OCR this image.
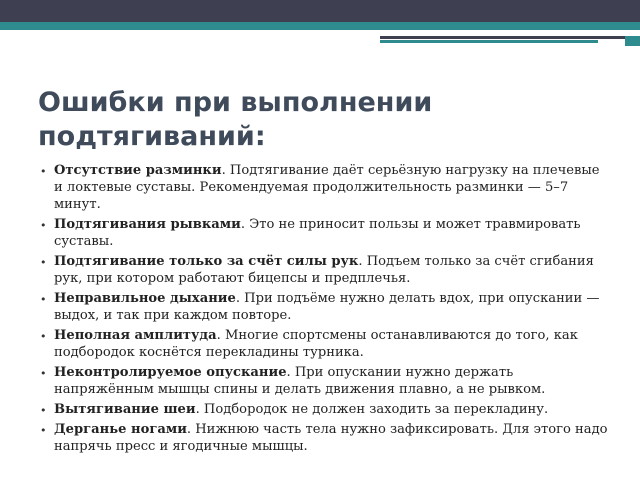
Ошибки при выполнении подтягиваний:
• Отсутствие разминки. Подтягивание даёт серьёзную нагрузку на плечевые и локтевые суставы. Рекомендуемая продолжительность разминки — 5–7 минут.
• Подтягивания рывками. Это не приносит пользы и может травмировать суставы.
• Подтягивание только за счёт силы рук. Подъем только за счёт сгибания рук, при котором работают бицепсы и предплечья.
• Неправильное дыхание. При подъёме нужно делать вдох, при опускании — выдох, и так при каждом повторе.
• Неполная амплитуда. Многие спортсмены останавливаются до того, как подбородок коснётся перекладины турника.
• Неконтролируемое опускание. При опускании нужно держать напряжённым мышцы спины и делать движения плавно, а не рывком.
• Вытягивание шеи. Подбородок не должен заходить за перекладину.
• Дерганье ногами. Нижнюю часть тела нужно зафиксировать. Для этого надо напрячь пресс и ягодичные мышцы.
